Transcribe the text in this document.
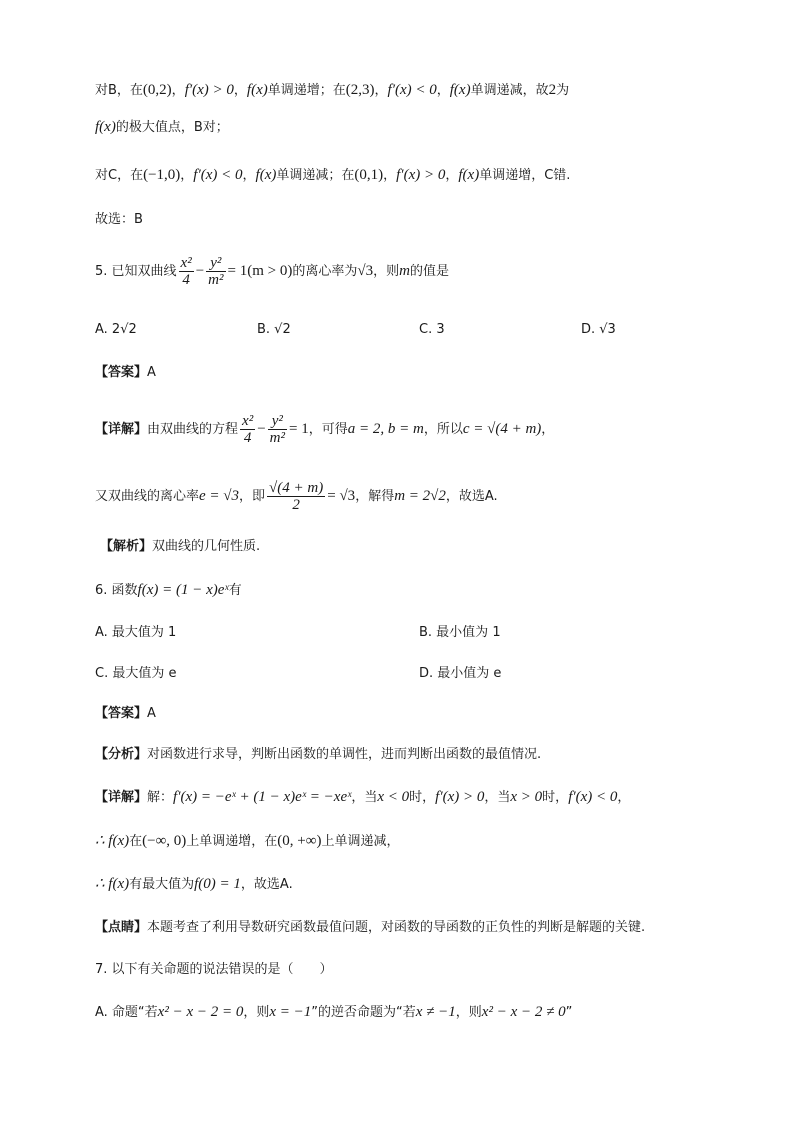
对B，在(0,2)，f′(x) > 0，f(x)单调递增；在(2,3)，f′(x) < 0，f(x)单调递减，故2为
f(x)的极大值点，B对；
对C，在(−1,0)，f′(x) < 0，f(x)单调递减；在(0,1)，f′(x) > 0，f(x)单调递增，C错.
故选：B
5. 已知双曲线 $\frac{\text{x²}}{4} - \frac{\text{y²}}{\text{m²}} = 1(m > 0)$的离心率为√3，则m的值是
A. 2√2	B. √2	C. 3	D. √3
【答案】A
【详解】由双曲线的方程 $\frac{\text{x²}}{4} - \frac{\text{y²}}{\text{m²}} = 1$，可得a = 2, b = m，所以c = √(4 + m)，
又双曲线的离心率e = √3，即 $\frac{√(4 + m)}{2} = √3$，解得m = 2√2，故选A.
【解析】双曲线的几何性质.
6. 函数f(x) = (1 − x)eˣ有
A. 最大值为 1	B. 最小值为 1
C. 最大值为 e	D. 最小值为 e
【答案】A
【分析】对函数进行求导，判断出函数的单调性，进而判断出函数的最值情况.
【详解】解：f′(x) = −eˣ + (1 − x)eˣ = −xeˣ，当x < 0时，f′(x) > 0，当x > 0时，f′(x) < 0，
∴ f(x)在(−∞, 0)上单调递增，在(0, +∞)上单调递减，
∴ f(x)有最大值为f(0) = 1，故选A.
【点睛】本题考查了利用导数研究函数最值问题，对函数的导函数的正负性的判断是解题的关键.
7. 以下有关命题的说法错误的是（　　）
A. 命题“若x² − x − 2 = 0，则x = −1”的逆否命题为“若x ≠ −1，则x² − x − 2 ≠ 0”
